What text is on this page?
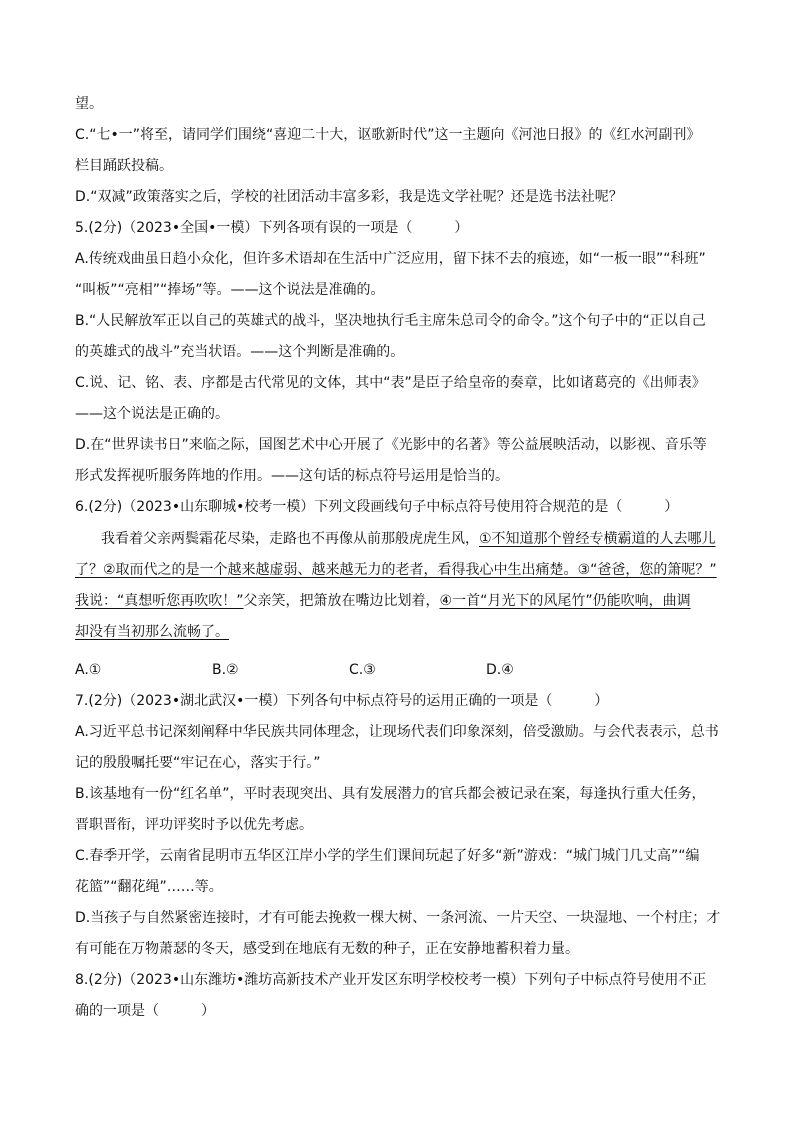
望。
C.“七•一”将至，请同学们围绕“喜迎二十大，讴歌新时代”这一主题向《河池日报》的《红水河副刊》
栏目踊跃投稿。
D.“双减”政策落实之后，学校的社团活动丰富多彩，我是选文学社呢？还是选书法社呢？
5.(2分)（2023•全国•一模）下列各项有误的一项是（　　　）
A.传统戏曲虽日趋小众化，但许多术语却在生活中广泛应用，留下抹不去的痕迹，如“一板一眼”“科班”
“叫板”“亮相”“捧场”等。——这个说法是准确的。
B.“人民解放军正以自己的英雄式的战斗，坚决地执行毛主席朱总司令的命令。”这个句子中的“正以自己
的英雄式的战斗”充当状语。——这个判断是准确的。
C.说、记、铭、表、序都是古代常见的文体，其中“表”是臣子给皇帝的奏章，比如诸葛亮的《出师表》
——这个说法是正确的。
D.在“世界读书日”来临之际，国图艺术中心开展了《光影中的名著》等公益展映活动，以影视、音乐等
形式发挥视听服务阵地的作用。——这句话的标点符号运用是恰当的。
6.(2分)（2023•山东聊城•校考一模）下列文段画线句子中标点符号使用符合规范的是（　　　）
我看着父亲两鬓霜花尽染，走路也不再像从前那般虎虎生风，①不知道那个曾经专横霸道的人去哪儿
了？②取而代之的是一个越来越虚弱、越来越无力的老者，看得我心中生出痛楚。③“爸爸，您的箫呢？”
我说：“真想听您再吹吹！”父亲笑，把箫放在嘴边比划着，④一首“月光下的风尾竹”仍能吹响，曲调
却没有当初那么流畅了。
A.①	B.②	C.③	D.④
7.(2分)（2023•湖北武汉•一模）下列各句中标点符号的运用正确的一项是（　　　）
A.习近平总书记深刻阐释中华民族共同体理念，让现场代表们印象深刻，倍受激励。与会代表表示，总书
记的殷殷嘱托要“牢记在心，落实于行。”
B.该基地有一份“红名单”，平时表现突出、具有发展潜力的官兵都会被记录在案，每逢执行重大任务，
晋职晋衔，评功评奖时予以优先考虑。
C.春季开学，云南省昆明市五华区江岸小学的学生们课间玩起了好多“新”游戏：“城门城门几丈高”“编
花篮”“翻花绳”……等。
D.当孩子与自然紧密连接时，才有可能去挽救一棵大树、一条河流、一片天空、一块湿地、一个村庄；才
有可能在万物萧瑟的冬天，感受到在地底有无数的种子，正在安静地蓄积着力量。
8.(2分)（2023•山东潍坊•潍坊高新技术产业开发区东明学校校考一模）下列句子中标点符号使用不正
确的一项是（　　　）
